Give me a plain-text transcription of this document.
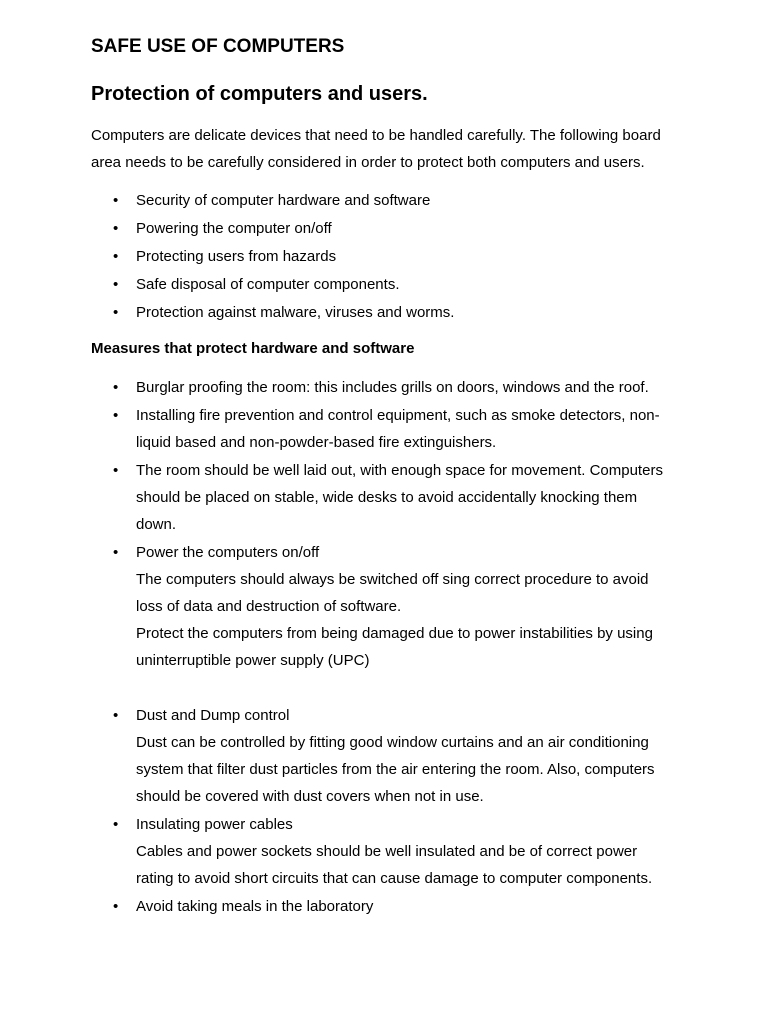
SAFE USE OF COMPUTERS
Protection of computers and users.

Computers are delicate devices that need to be handled carefully. The following board area needs to be carefully considered in order to protect both computers and users.

• Security of computer hardware and software
• Powering the computer on/off
• Protecting users from hazards
• Safe disposal of computer components.
• Protection against malware, viruses and worms.
Measures that protect hardware and software
• Burglar proofing the room: this includes grills on doors, windows and the roof.
• Installing fire prevention and control equipment, such as smoke detectors, non-liquid based and non-powder-based fire extinguishers.
• The room should be well laid out, with enough space for movement. Computers should be placed on stable, wide desks to avoid accidentally knocking them down.
• Power the computers on/off
The computers should always be switched off sing correct procedure to avoid loss of data and destruction of software.
Protect the computers from being damaged due to power instabilities by using uninterruptible power supply (UPC)
• Dust and Dump control
Dust can be controlled by fitting good window curtains and an air conditioning system that filter dust particles from the air entering the room. Also, computers should be covered with dust covers when not in use.
• Insulating power cables
Cables and power sockets should be well insulated and be of correct power rating to avoid short circuits that can cause damage to computer components.
• Avoid taking meals in the laboratory
